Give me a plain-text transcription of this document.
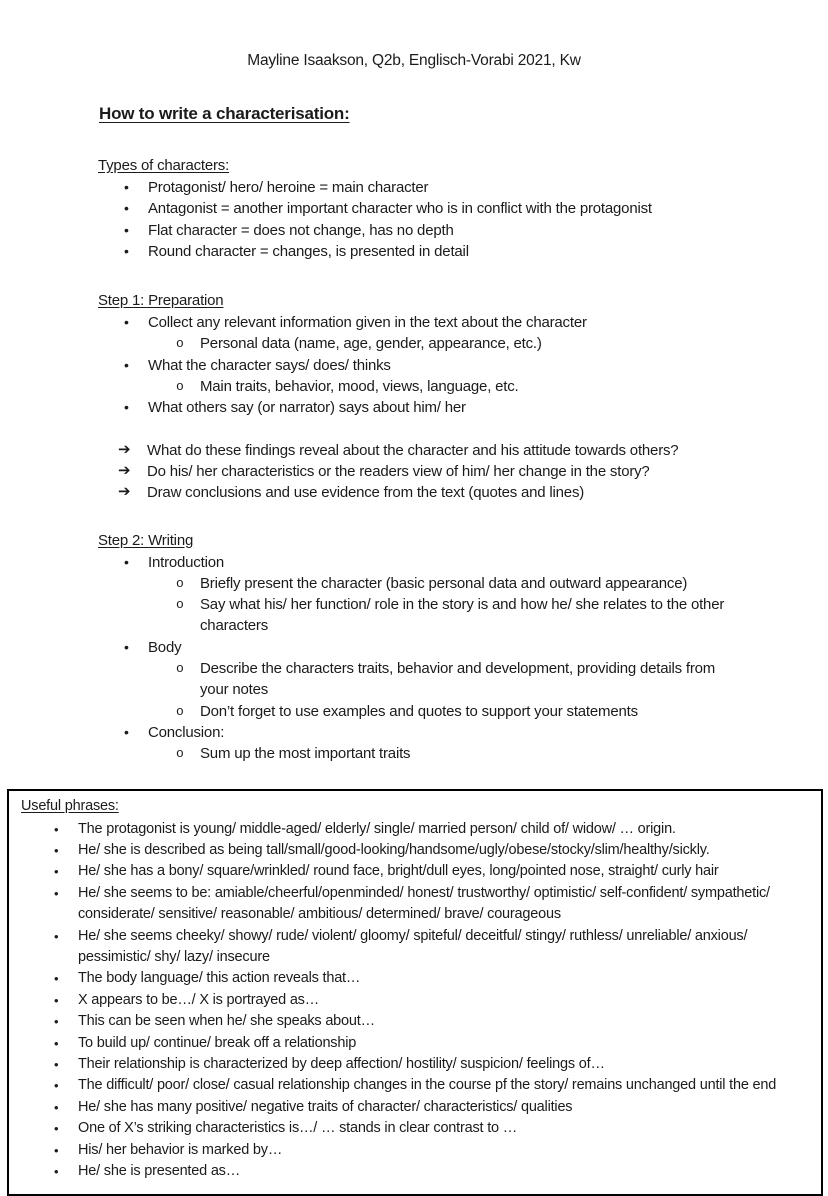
Mayline Isaakson, Q2b, Englisch-Vorabi 2021, Kw
How to write a characterisation:
Types of characters:
• Protagonist/ hero/ heroine = main character
• Antagonist = another important character who is in conflict with the protagonist
• Flat character = does not change, has no depth
• Round character = changes, is presented in detail
Step 1: Preparation
• Collect any relevant information given in the text about the character
o Personal data (name, age, gender, appearance, etc.)
• What the character says/ does/ thinks
o Main traits, behavior, mood, views, language, etc.
• What others say (or narrator) says about him/ her
➔ What do these findings reveal about the character and his attitude towards others?
➔ Do his/ her characteristics or the readers view of him/ her change in the story?
➔ Draw conclusions and use evidence from the text (quotes and lines)
Step 2: Writing
• Introduction
o Briefly present the character (basic personal data and outward appearance)
o Say what his/ her function/ role in the story is and how he/ she relates to the other characters
• Body
o Describe the characters traits, behavior and development, providing details from your notes
o Don’t forget to use examples and quotes to support your statements
• Conclusion:
o Sum up the most important traits
Useful phrases:
• The protagonist is young/ middle-aged/ elderly/ single/ married person/ child of/ widow/ … origin.
• He/ she is described as being tall/small/good-looking/handsome/ugly/obese/stocky/slim/healthy/sickly.
• He/ she has a bony/ square/wrinkled/ round face, bright/dull eyes, long/pointed nose, straight/ curly hair
• He/ she seems to be: amiable/cheerful/openminded/ honest/ trustworthy/ optimistic/ self-confident/ sympathetic/ considerate/ sensitive/ reasonable/ ambitious/ determined/ brave/ courageous
• He/ she seems cheeky/ showy/ rude/ violent/ gloomy/ spiteful/ deceitful/ stingy/ ruthless/ unreliable/ anxious/ pessimistic/ shy/ lazy/ insecure
• The body language/ this action reveals that…
• X appears to be…/ X is portrayed as…
• This can be seen when he/ she speaks about…
• To build up/ continue/ break off a relationship
• Their relationship is characterized by deep affection/ hostility/ suspicion/ feelings of…
• The difficult/ poor/ close/ casual relationship changes in the course pf the story/ remains unchanged until the end
• He/ she has many positive/ negative traits of character/ characteristics/ qualities
• One of X’s striking characteristics is…/ … stands in clear contrast to …
• His/ her behavior is marked by…
• He/ she is presented as…
